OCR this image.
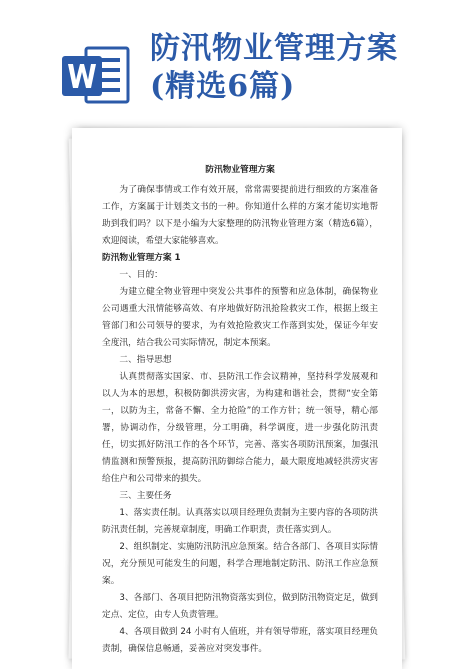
防汛物业管理方案
(精选6篇)
防汛物业管理方案
为了确保事情或工作有效开展，常常需要提前进行细致的方案准备工作，方案属于计划类文书的一种。你知道什么样的方案才能切实地帮助到我们吗？以下是小编为大家整理的防汛物业管理方案（精选6篇），欢迎阅读，希望大家能够喜欢。
防汛物业管理方案 1
一、目的：
为建立健全物业管理中突发公共事件的预警和应急体制，确保物业公司遇重大汛情能够高效、有序地做好防汛抢险救灾工作，根据上级主管部门和公司领导的要求，为有效抢险救灾工作落到实处，保证今年安全度汛，结合我公司实际情况，制定本预案。
二、指导思想
认真贯彻落实国家、市、县防汛工作会议精神，坚持科学发展观和以人为本的思想，积极防御洪涝灾害，为构建和谐社会，贯彻“安全第一，以防为主，常备不懈、全力抢险”的工作方针；统一领导，精心部署，协调动作，分级管理，分工明确，科学调度，进一步强化防汛责任，切实抓好防汛工作的各个环节，完善、落实各项防汛预案，加强汛情监测和预警预报，提高防汛防御综合能力，最大限度地减轻洪涝灾害给住户和公司带来的损失。
三、主要任务
1、落实责任制。认真落实以项目经理负责制为主要内容的各项防洪防汛责任制，完善规章制度，明确工作职责，责任落实到人。
2、组织制定、实施防汛防汛应急预案。结合各部门、各项目实际情况，充分预见可能发生的问题，科学合理地制定防汛、防汛工作应急预案。
3、各部门、各项目把防汛物资落实到位，做到防汛物资定足，做到定点、定位，由专人负责管理。
4、各项目做到 24 小时有人值班，并有领导带班，落实项目经理负责制，确保信息畅通，妥善应对突发事件。
